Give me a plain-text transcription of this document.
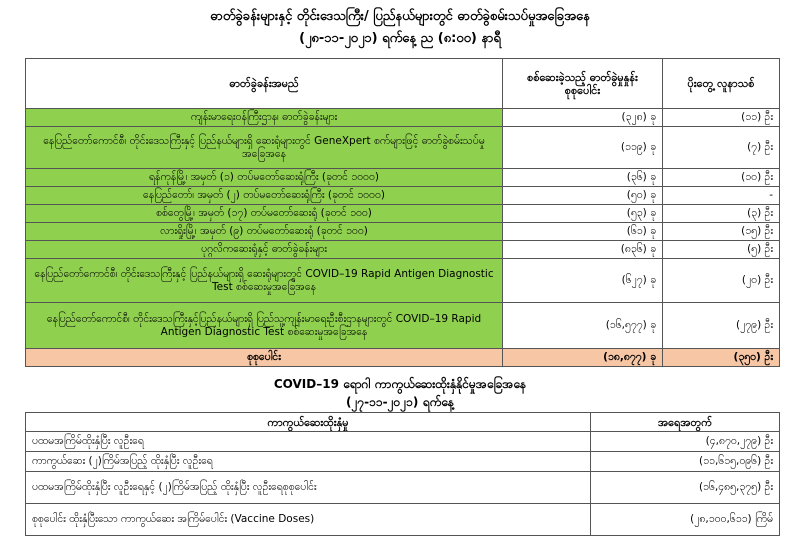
ဓာတ်ခွဲခန်းများနှင့် တိုင်းဒေသကြီး/ ပြည်နယ်များတွင် ဓာတ်ခွဲစမ်းသပ်မှုအခြေအနေ
(၂၈-၁၁-၂၀၂၁) ရက်နေ့ ည (၈:၀၀) နာရီ
ဓာတ်ခွဲခန်းအမည်	စစ်ဆေးခဲ့သည့် ဓာတ်ခွဲမှုနှုန်း စုစုပေါင်း	ပိုးတွေ့ လူနာသစ်
ကျန်းမာရေးဝန်ကြီးဌာန၊ ဓာတ်ခွဲခန်းများ	(၃၂၈) ခု	(၁၁) ဦး
နေပြည်တော်ကောင်စီ၊ တိုင်းဒေသကြီးနှင့် ပြည်နယ်များရှိ ဆေးရုံများတွင် GeneXpert စက်များဖြင့် ဓာတ်ခွဲစမ်းသပ်မှုအခြေအနေ	(၁၁၉) ခု	(၇) ဦး
ရန်ကုန်မြို့၊ အမှတ် (၁) တပ်မတော်ဆေးရုံကြီး (ခုတင် ၁၀၀၀)	(၃၆) ခု	(၁၀) ဦး
နေပြည်တော်၊ အမှတ် (၂) တပ်မတော်ဆေးရုံကြီး (ခုတင် ၁၀၀၀)	(၅၀) ခု	-
စစ်တွေမြို့၊ အမှတ် (၁၇) တပ်မတော်ဆေးရုံ (ခုတင် ၁၀၀)	(၅၃) ခု	(၃) ဦး
လားရှိုးမြို့၊ အမှတ် (၉) တပ်မတော်ဆေးရုံ (ခုတင် ၁၀၀)	(၆၁) ခု	(၁၅) ဦး
ပုဂ္ဂလိကဆေးရုံနှင့် ဓာတ်ခွဲခန်းများ	(၈၃၆) ခု	(၅) ဦး
နေပြည်တော်ကောင်စီ၊ တိုင်းဒေသကြီးနှင့် ပြည်နယ်များရှိ ဆေးရုံများတွင် COVID–19 Rapid Antigen Diagnostic Test စစ်ဆေးမှုအခြေအနေ	(၆၂၇) ခု	(၂၀) ဦး
နေပြည်တော်ကောင်စီ၊ တိုင်းဒေသကြီးနှင့်ပြည်နယ်များရှိ ပြည်သူ့ကျန်းမာရေးဦးစီးဌာနများတွင် COVID–19 Rapid Antigen Diagnostic Test စစ်ဆေးမှုအခြေအနေ	(၁၆,၅၇၇) ခု	(၂၇၉) ဦး
စုစုပေါင်း	(၁၈,၈၇၇) ခု	(၃၅၀) ဦး
COVID–19 ရောဂါ ကာကွယ်ဆေးထိုးနှံနိုင်မှုအခြေအနေ
(၂၇-၁၁-၂၀၂၁) ရက်နေ့
ကာကွယ်ဆေးထိုးနှံမှု	အရေအတွက်
ပထမအကြိမ်ထိုးနှံပြီး လူဦးရေ	(၄,၈၇၀,၂၇၉) ဦး
ကာကွယ်ဆေး (၂)ကြိမ်အပြည့် ထိုးနှံပြီး လူဦးရေ	(၁၁,၆၁၅,၀၉၆) ဦး
ပထမအကြိမ်ထိုးနှံပြီး လူဦးရေနှင့် (၂)ကြိမ်အပြည့် ထိုးနှံပြီး လူဦးရေစုစုပေါင်း	(၁၆,၄၈၅,၃၇၅) ဦး
စုစုပေါင်း ထိုးနှံပြီးသော ကာကွယ်ဆေး အကြိမ်ပေါင်း (Vaccine Doses)	(၂၈,၁၀၀,၆၁၁) ကြိမ်
